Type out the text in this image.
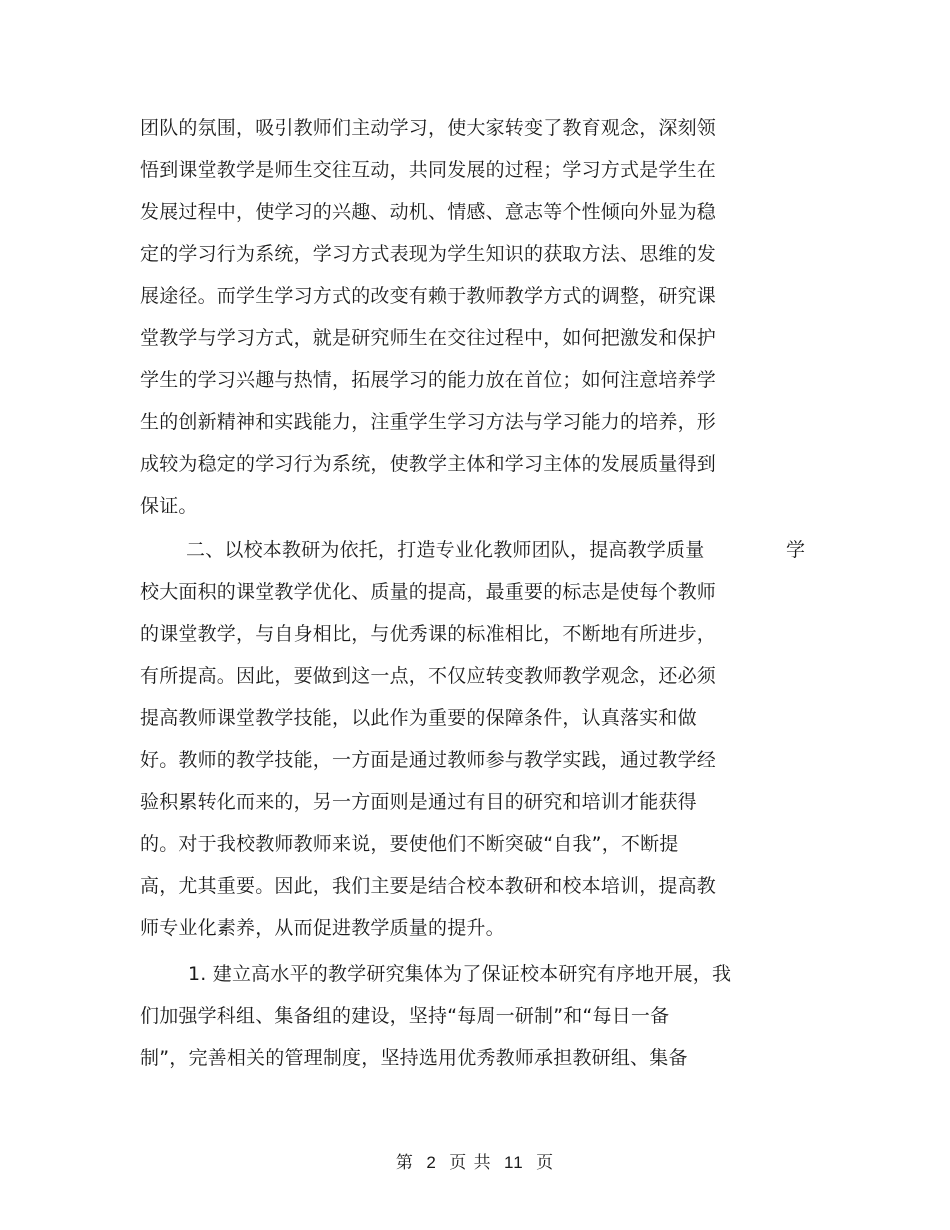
团队的氛围，吸引教师们主动学习，使大家转变了教育观念，深刻领
悟到课堂教学是师生交往互动，共同发展的过程；学习方式是学生在
发展过程中，使学习的兴趣、动机、情感、意志等个性倾向外显为稳
定的学习行为系统，学习方式表现为学生知识的获取方法、思维的发
展途径。而学生学习方式的改变有赖于教师教学方式的调整，研究课
堂教学与学习方式，就是研究师生在交往过程中，如何把激发和保护
学生的学习兴趣与热情，拓展学习的能力放在首位；如何注意培养学
生的创新精神和实践能力，注重学生学习方法与学习能力的培养，形
成较为稳定的学习行为系统，使教学主体和学习主体的发展质量得到
保证。
二、以校本教研为依托，打造专业化教师团队，提高教学质量	学
校大面积的课堂教学优化、质量的提高，最重要的标志是使每个教师
的课堂教学，与自身相比，与优秀课的标准相比，不断地有所进步，
有所提高。因此，要做到这一点，不仅应转变教师教学观念，还必须
提高教师课堂教学技能，以此作为重要的保障条件，认真落实和做
好。教师的教学技能，一方面是通过教师参与教学实践，通过教学经
验积累转化而来的，另一方面则是通过有目的研究和培训才能获得
的。对于我校教师教师来说，要使他们不断突破“自我”，不断提
高，尤其重要。因此，我们主要是结合校本教研和校本培训，提高教
师专业化素养，从而促进教学质量的提升。
1. 建立高水平的教学研究集体为了保证校本研究有序地开展，我
们加强学科组、集备组的建设，坚持“每周一研制”和“每日一备
制”，完善相关的管理制度，坚持选用优秀教师承担教研组、集备
第 2 页 共 11 页
